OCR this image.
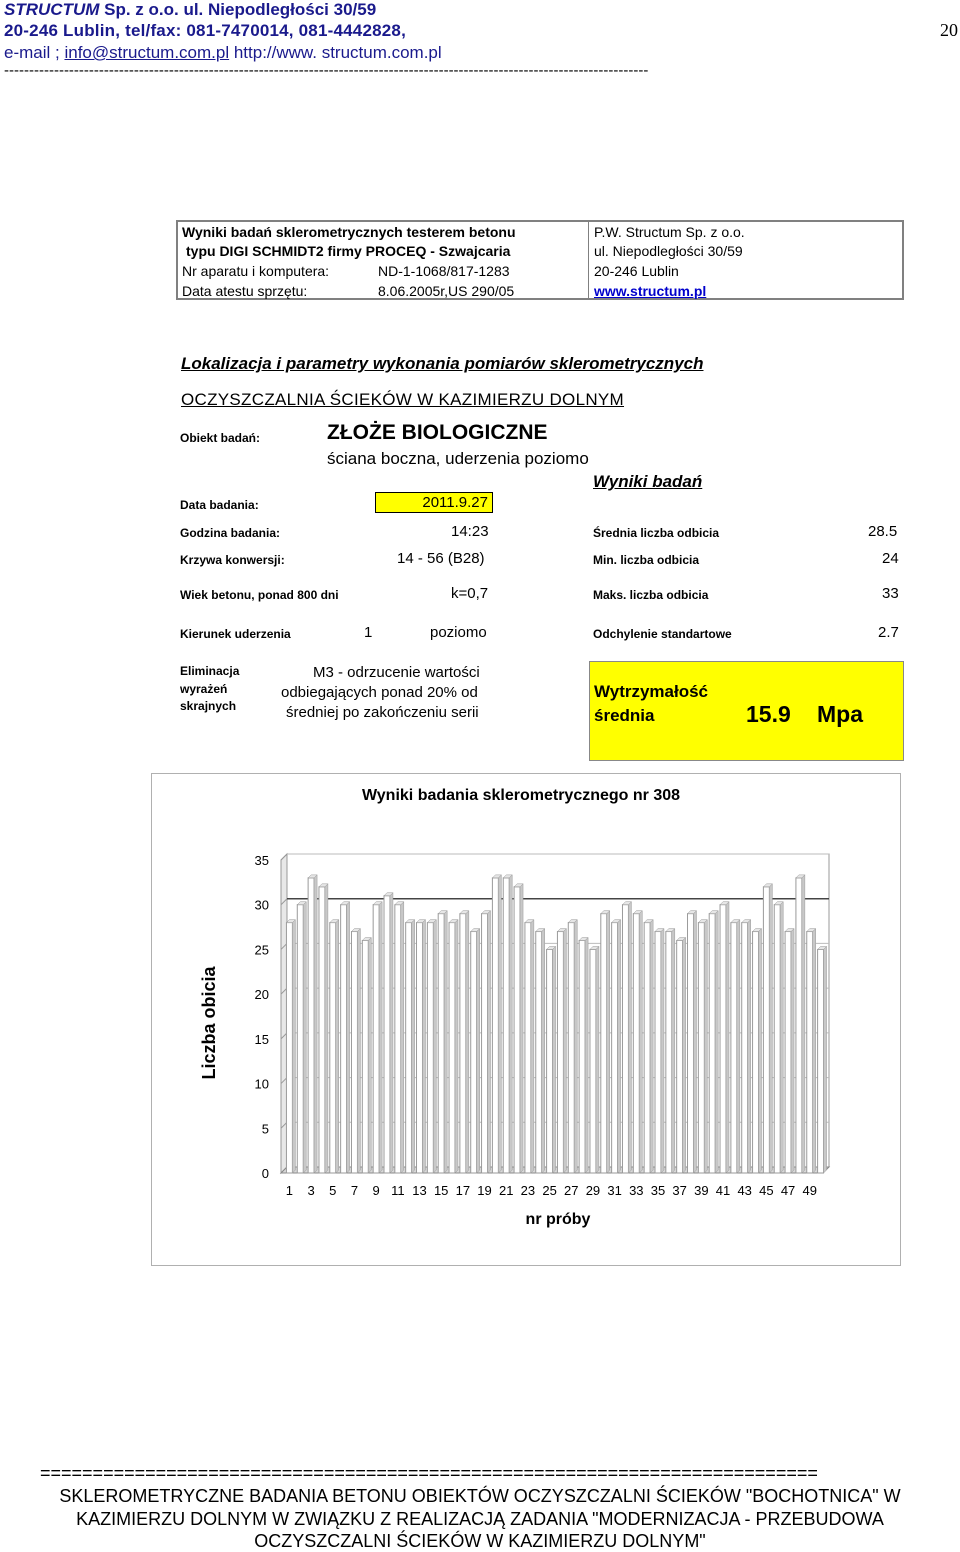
STRUCTUM Sp. z o.o. ul. Niepodległości 30/59
20-246 Lublin, tel/fax: 081-7470014, 081-4442828,
e-mail ; info@structum.com.pl http://www. structum.com.pl
20
---------------------------------------------------------------------------------------------------------------------------------
Wyniki badań sklerometrycznych testerem betonu
typu DIGI SCHMIDT2 firmy PROCEQ - Szwajcaria
Nr aparatu i komputera:	ND-1-1068/817-1283
Data atestu sprzętu:	8.06.2005r,US 290/05
P.W. Structum Sp. z o.o.
ul. Niepodległości 30/59
20-246 Lublin
www.structum.pl
Lokalizacja i parametry wykonania pomiarów sklerometrycznych
OCZYSZCZALNIA ŚCIEKÓW W KAZIMIERZU DOLNYM
Obiekt badań:	ZŁOŻE BIOLOGICZNE
ściana boczna, uderzenia poziomo
Wyniki badań
Data badania:	2011.9.27
Godzina badania:	14:23
Krzywa konwersji:	14 - 56 (B28)
Wiek betonu, ponad 800 dni	k=0,7
Kierunek uderzenia	1	poziomo
Eliminacja
wyrażeń
skrajnych
M3 - odrzucenie wartości
odbiegających ponad 20% od
średniej po zakończeniu serii
Średnia liczba odbicia	28.5
Min. liczba odbicia	24
Maks. liczba odbicia	33
Odchylenie standartowe	2.7
Wytrzymałość
średnia	15.9 Mpa
Wyniki badania sklerometrycznego nr 308
Liczba obicia
nr próby
0
5
10
15
20
25
30
35
1 3 5 7 9 11 13 15 17 19 21 23 25 27 29 31 33 35 37 39 41 43 45 47 49
==========================================================================
SKLEROMETRYCZNE BADANIA BETONU OBIEKTÓW OCZYSZCZALNI ŚCIEKÓW "BOCHOTNICA" W
KAZIMIERZU DOLNYM W ZWIĄZKU Z REALIZACJĄ ZADANIA "MODERNIZACJA - PRZEBUDOWA
OCZYSZCZALNI ŚCIEKÓW W KAZIMIERZU DOLNYM"
